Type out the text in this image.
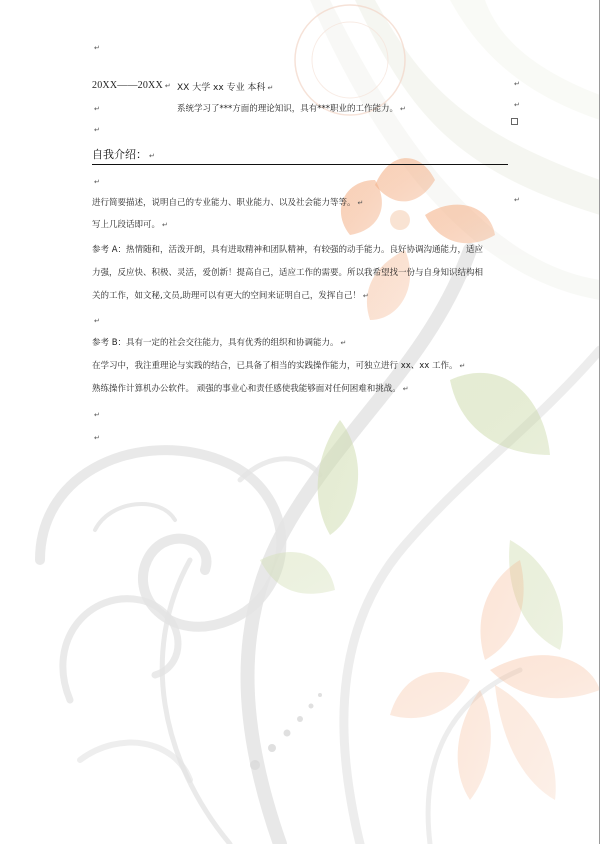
↵
20XX——20XX ↵ XX 大学 xx 专业 本科 ↵	↵
↵	系统学习了***方面的理论知识，具有***职业的工作能力。 ↵	↵
↵
自我介绍： ↵
↵
进行简要描述，说明自己的专业能力、职业能力、以及社会能力等等。 ↵	↵
写上几段话即可。 ↵
参考 A：热情随和，活泼开朗，具有进取精神和团队精神，有较强的动手能力。良好协调沟通能力，适应
力强，反应快、积极、灵活，爱创新！提高自己，适应工作的需要。所以我希望找一份与自身知识结构相
关的工作，如文秘,文员,助理可以有更大的空间来证明自己，发挥自己！ ↵
↵
参考 B：具有一定的社会交往能力，具有优秀的组织和协调能力。 ↵
在学习中，我注重理论与实践的结合，已具备了相当的实践操作能力，可独立进行 xx、xx 工作。 ↵
熟练操作计算机办公软件。 顽强的事业心和责任感使我能够面对任何困难和挑战。 ↵
↵
↵
